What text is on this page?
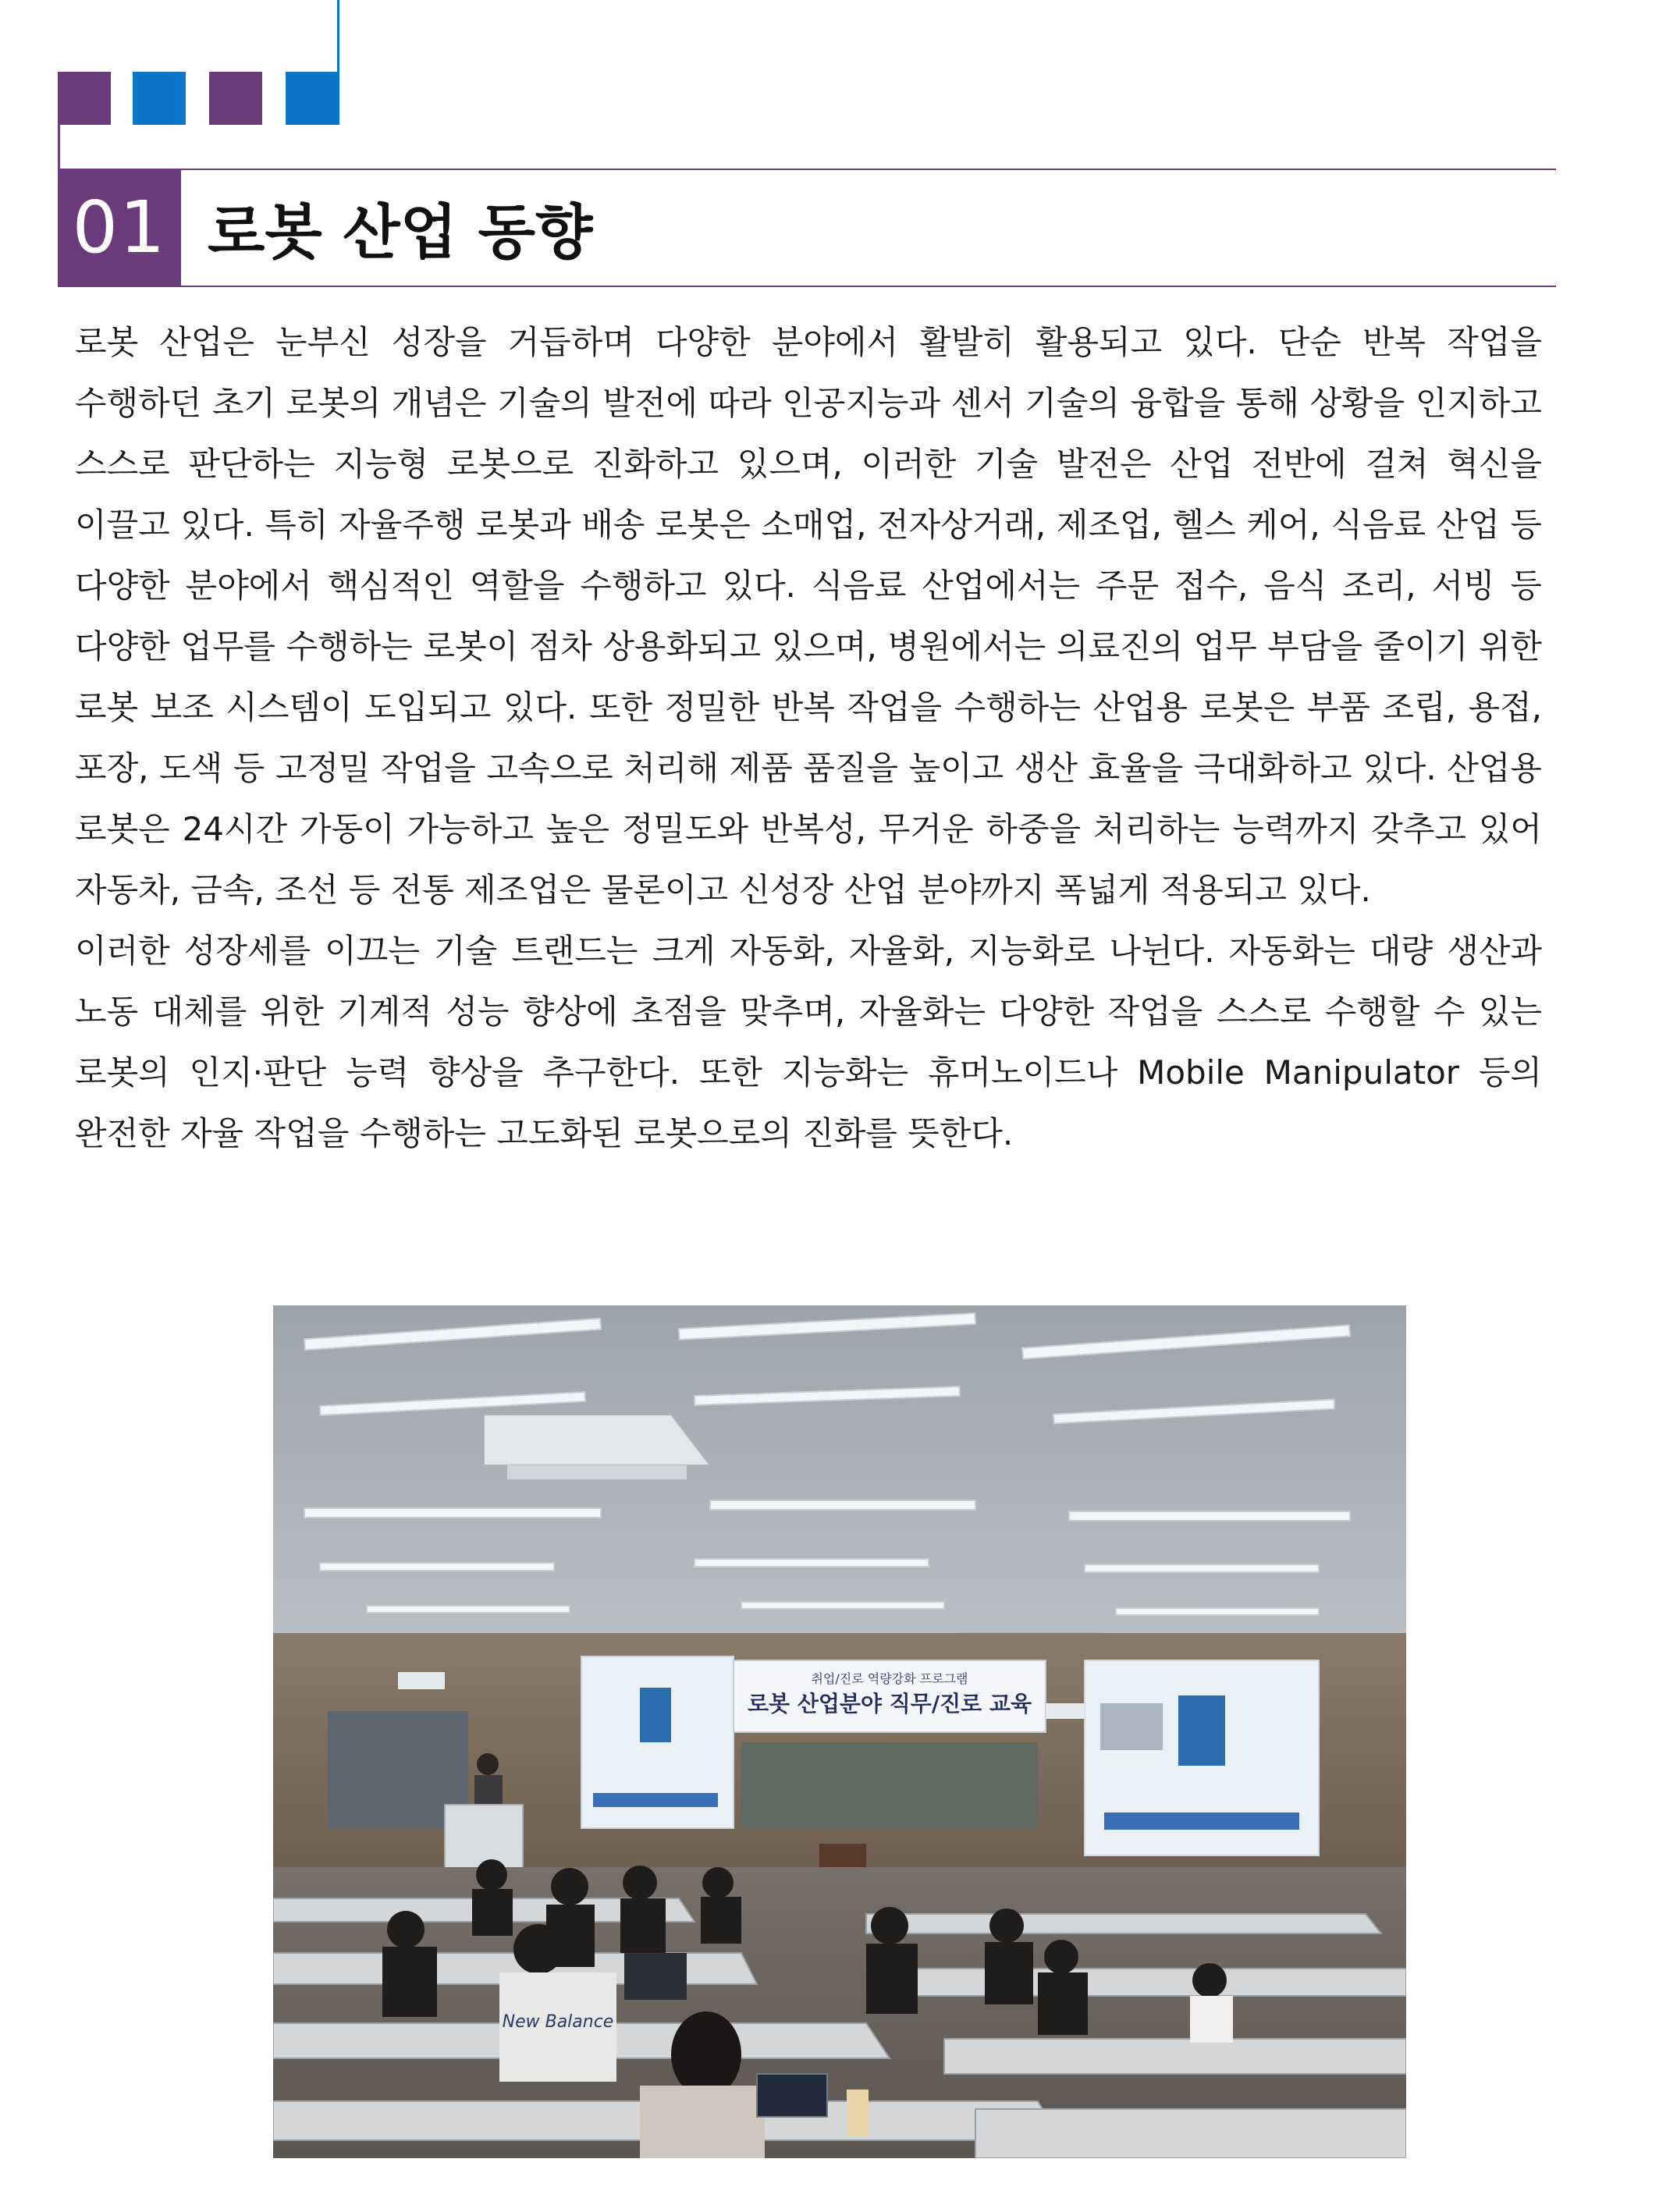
01 로봇 산업 동향

로봇 산업은 눈부신 성장을 거듭하며 다양한 분야에서 활발히 활용되고 있다. 단순 반복 작업을 수행하던 초기 로봇의 개념은 기술의 발전에 따라 인공지능과 센서 기술의 융합을 통해 상황을 인지하고 스스로 판단하는 지능형 로봇으로 진화하고 있으며, 이러한 기술 발전은 산업 전반에 걸쳐 혁신을 이끌고 있다. 특히 자율주행 로봇과 배송 로봇은 소매업, 전자상거래, 제조업, 헬스 케어, 식음료 산업 등 다양한 분야에서 핵심적인 역할을 수행하고 있다. 식음료 산업에서는 주문 접수, 음식 조리, 서빙 등 다양한 업무를 수행하는 로봇이 점차 상용화되고 있으며, 병원에서는 의료진의 업무 부담을 줄이기 위한 로봇 보조 시스템이 도입되고 있다. 또한 정밀한 반복 작업을 수행하는 산업용 로봇은 부품 조립, 용접, 포장, 도색 등 고정밀 작업을 고속으로 처리해 제품 품질을 높이고 생산 효율을 극대화하고 있다. 산업용 로봇은 24시간 가동이 가능하고 높은 정밀도와 반복성, 무거운 하중을 처리하는 능력까지 갖추고 있어 자동차, 금속, 조선 등 전통 제조업은 물론이고 신성장 산업 분야까지 폭넓게 적용되고 있다.

이러한 성장세를 이끄는 기술 트랜드는 크게 자동화, 자율화, 지능화로 나뉜다. 자동화는 대량 생산과 노동 대체를 위한 기계적 성능 향상에 초점을 맞추며, 자율화는 다양한 작업을 스스로 수행할 수 있는 로봇의 인지·판단 능력 향상을 추구한다. 또한 지능화는 휴머노이드나 Mobile Manipulator 등의 완전한 자율 작업을 수행하는 고도화된 로봇으로의 진화를 뜻한다.

취업/진로 역량강화 프로그램
로봇 산업분야 직무/진로 교육
New Balance
